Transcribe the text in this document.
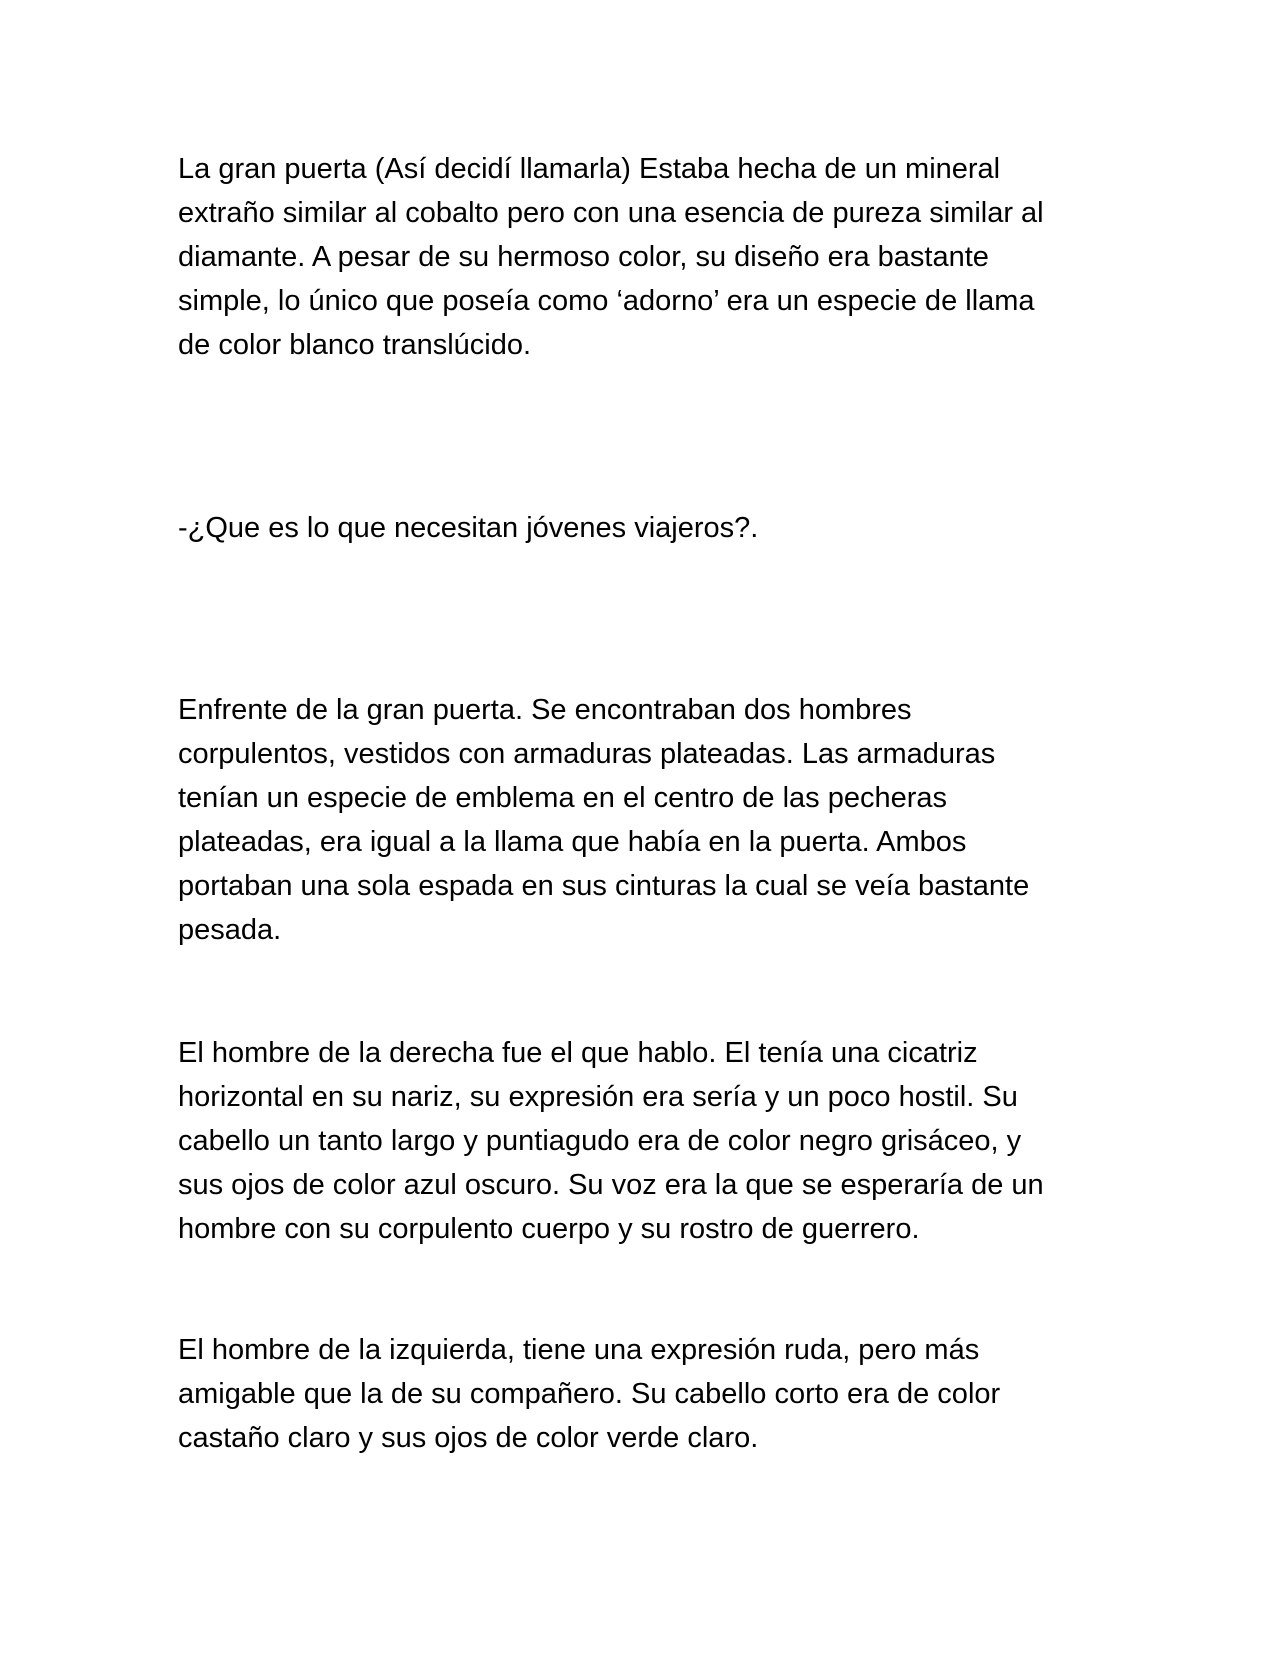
La gran puerta (Así decidí llamarla) Estaba hecha de un mineral
extraño similar al cobalto pero con una esencia de pureza similar al
diamante. A pesar de su hermoso color, su diseño era bastante
simple, lo único que poseía como ‘adorno’ era un especie de llama
de color blanco translúcido.

-¿Que es lo que necesitan jóvenes viajeros?.

Enfrente de la gran puerta. Se encontraban dos hombres
corpulentos, vestidos con armaduras plateadas. Las armaduras
tenían un especie de emblema en el centro de las pecheras
plateadas, era igual a la llama que había en la puerta. Ambos
portaban una sola espada en sus cinturas la cual se veía bastante
pesada.

El hombre de la derecha fue el que hablo. El tenía una cicatriz
horizontal en su nariz, su expresión era sería y un poco hostil. Su
cabello un tanto largo y puntiagudo era de color negro grisáceo, y
sus ojos de color azul oscuro. Su voz era la que se esperaría de un
hombre con su corpulento cuerpo y su rostro de guerrero.

El hombre de la izquierda, tiene una expresión ruda, pero más
amigable que la de su compañero. Su cabello corto era de color
castaño claro y sus ojos de color verde claro.
